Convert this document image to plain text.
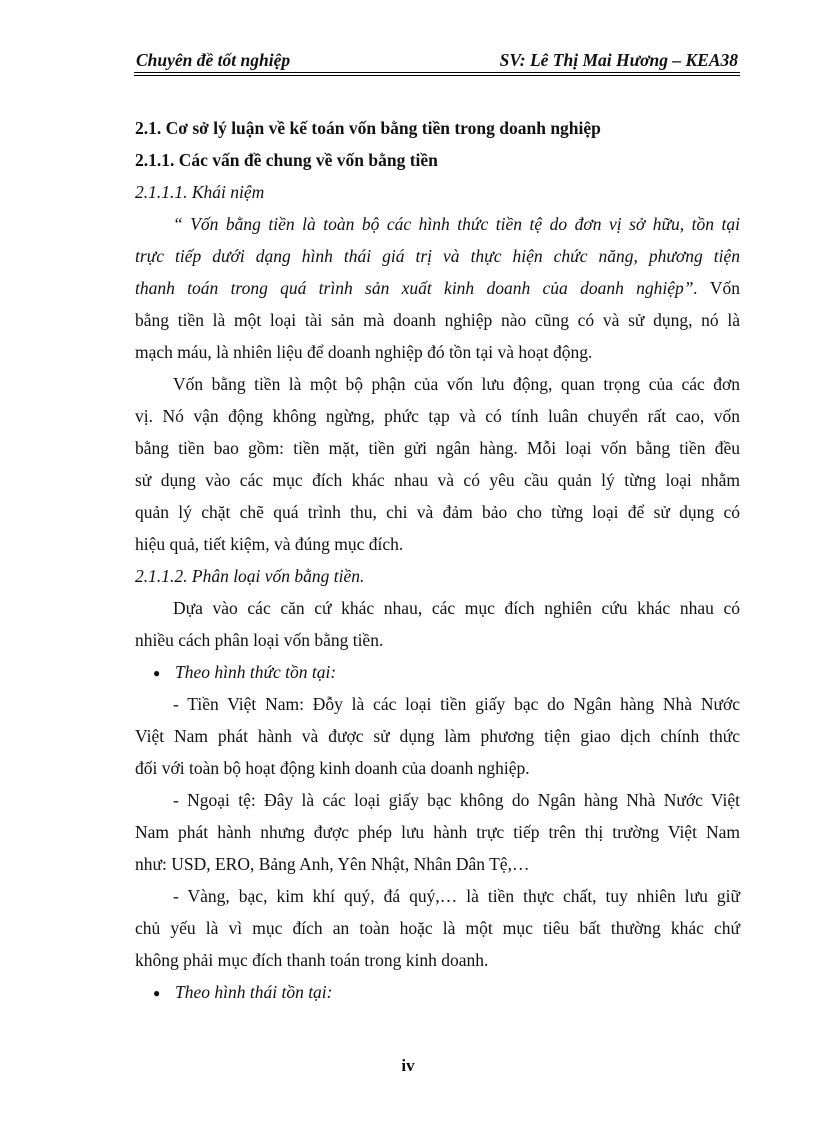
Chuyên đề tốt nghiệp	SV: Lê Thị Mai Hương – KEA38
2.1. Cơ sở lý luận về kế toán vốn bằng tiền trong doanh nghiệp
2.1.1. Các vấn đề chung về vốn bằng tiền
2.1.1.1. Khái niệm
“ Vốn bằng tiền là toàn bộ các hình thức tiền tệ do đơn vị sở hữu, tồn tại
trực tiếp dưới dạng hình thái giá trị và thực hiện chức năng, phương tiện
thanh toán trong quá trình sản xuất kinh doanh của doanh nghiệp”. Vốn
bằng tiền là một loại tài sản mà doanh nghiệp nào cũng có và sử dụng, nó là
mạch máu, là nhiên liệu để doanh nghiệp đó tồn tại và hoạt động.
Vốn bằng tiền là một bộ phận của vốn lưu động, quan trọng của các đơn
vị. Nó vận động không ngừng, phức tạp và có tính luân chuyển rất cao, vốn
bằng tiền bao gồm: tiền mặt, tiền gửi ngân hàng. Mỗi loại vốn bằng tiền đều
sử dụng vào các mục đích khác nhau và có yêu cầu quản lý từng loại nhằm
quản lý chặt chẽ quá trình thu, chi và đảm bảo cho từng loại để sử dụng có
hiệu quả, tiết kiệm, và đúng mục đích.
2.1.1.2. Phân loại vốn bằng tiền.
Dựa vào các căn cứ khác nhau, các mục đích nghiên cứu khác nhau có
nhiều cách phân loại vốn bằng tiền.
● Theo hình thức tồn tại:
- Tiền Việt Nam: Đỗy là các loại tiền giấy bạc do Ngân hàng Nhà Nước
Việt Nam phát hành và được sử dụng làm phương tiện giao dịch chính thức
đối với toàn bộ hoạt động kinh doanh của doanh nghiệp.
- Ngoại tệ: Đây là các loại giấy bạc không do Ngân hàng Nhà Nước Việt
Nam phát hành nhưng được phép lưu hành trực tiếp trên thị trường Việt Nam
như: USD, ERO, Bảng Anh, Yên Nhật, Nhân Dân Tệ,…
- Vàng, bạc, kim khí quý, đá quý,… là tiền thực chất, tuy nhiên lưu giữ
chủ yếu là vì mục đích an toàn hoặc là một mục tiêu bất thường khác chứ
không phải mục đích thanh toán trong kinh doanh.
● Theo hình thái tồn tại:
iv
